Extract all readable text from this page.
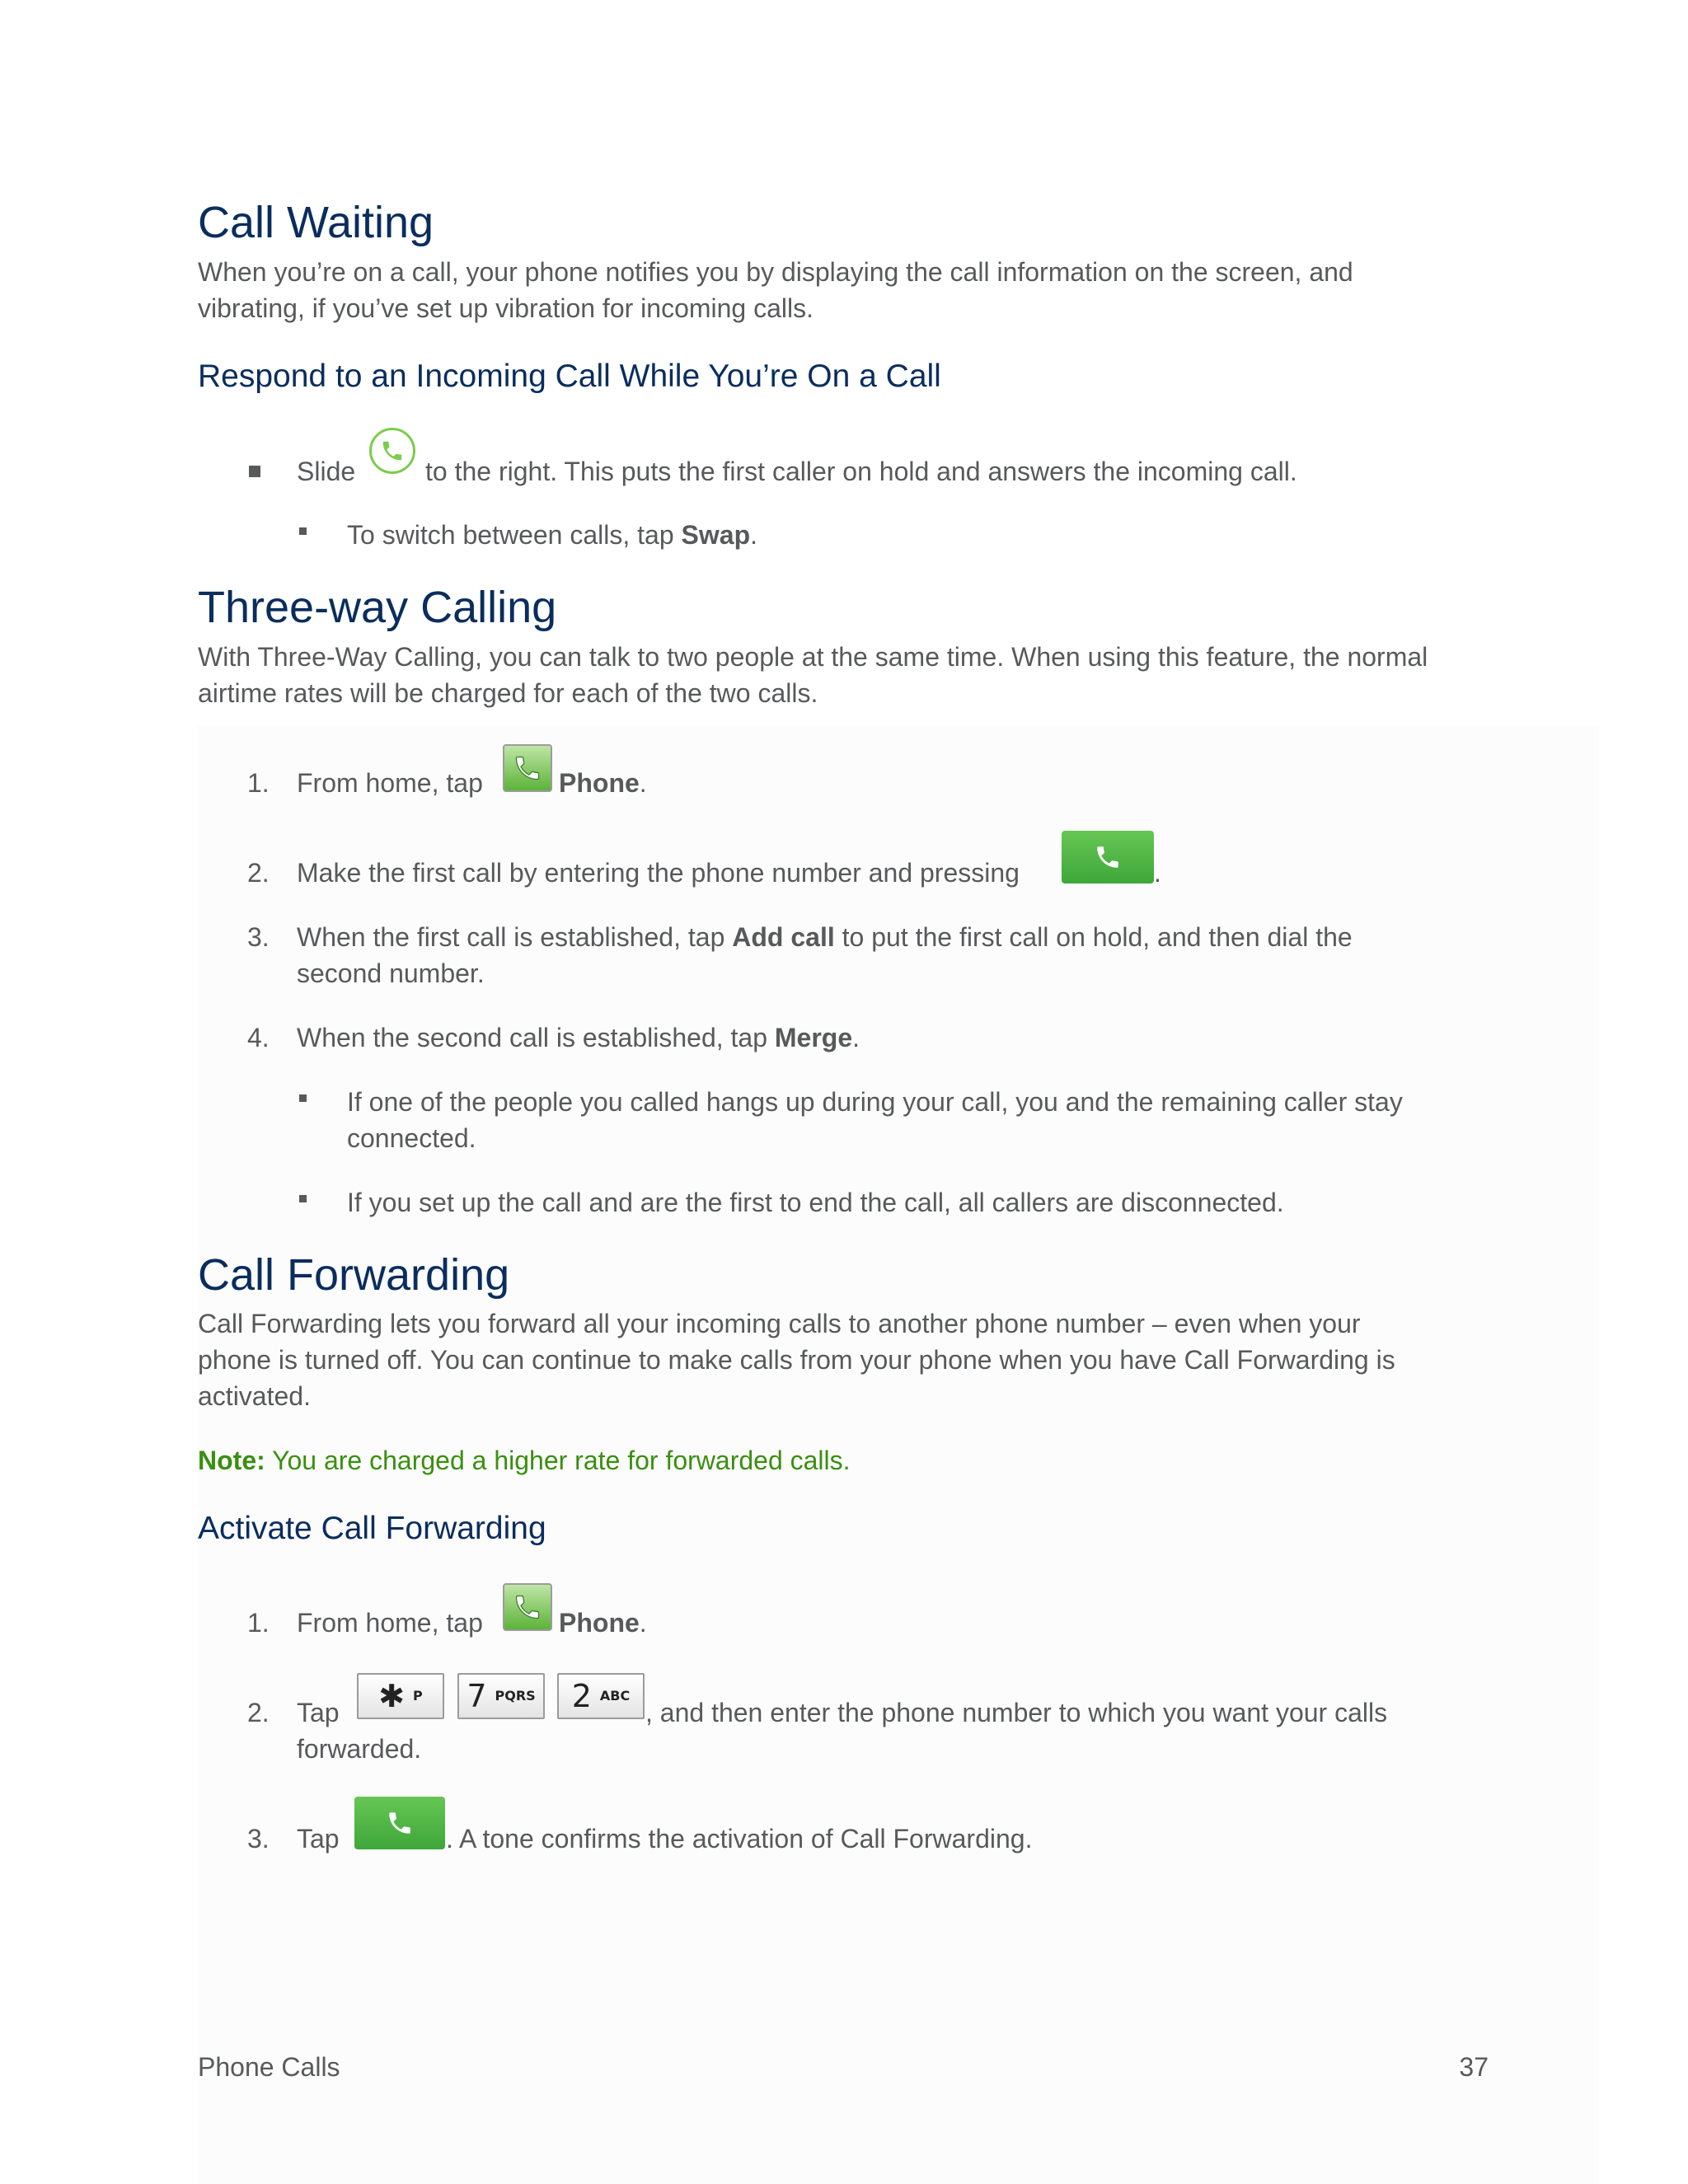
Call Waiting
When you’re on a call, your phone notifies you by displaying the call information on the screen, and
vibrating, if you’ve set up vibration for incoming calls.
Respond to an Incoming Call While You’re On a Call
Slide	to the right. This puts the first caller on hold and answers the incoming call.
To switch between calls, tap Swap.
Three-way Calling
With Three-Way Calling, you can talk to two people at the same time. When using this feature, the normal
airtime rates will be charged for each of the two calls.
1. From home, tap	Phone.
2. Make the first call by entering the phone number and pressing	.
3. When the first call is established, tap Add call to put the first call on hold, and then dial the
second number.
4. When the second call is established, tap Merge.
If one of the people you called hangs up during your call, you and the remaining caller stay
connected.
If you set up the call and are the first to end the call, all callers are disconnected.
Call Forwarding
Call Forwarding lets you forward all your incoming calls to another phone number – even when your
phone is turned off. You can continue to make calls from your phone when you have Call Forwarding is
activated.
Note: You are charged a higher rate for forwarded calls.
Activate Call Forwarding
1. From home, tap	Phone.
2. Tap ✱ P 7 PQRS 2 ABC
, and then enter the phone number to which you want your calls
forwarded.
3. Tap	. A tone confirms the activation of Call Forwarding.
Phone Calls	37
